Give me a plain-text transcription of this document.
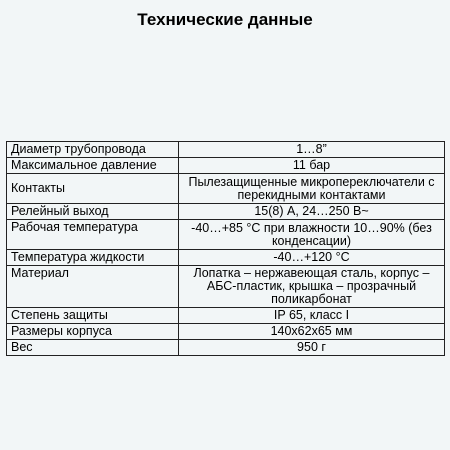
Технические данные
Диаметр трубопровода	1…8”
Максимальное давление	11 бар
Контакты	Пылезащищенные микропереключатели с перекидными контактами
Релейный выход	15(8) А, 24…250 В~
Рабочая температура	-40…+85 °С при влажности 10…90% (без конденсации)
Температура жидкости	-40…+120 °С
Материал	Лопатка – нержавеющая сталь, корпус – АБС-пластик, крышка – прозрачный поликарбонат
Степень защиты	IP 65, класс I
Размеры корпуса	140х62х65 мм
Вес	950 г
